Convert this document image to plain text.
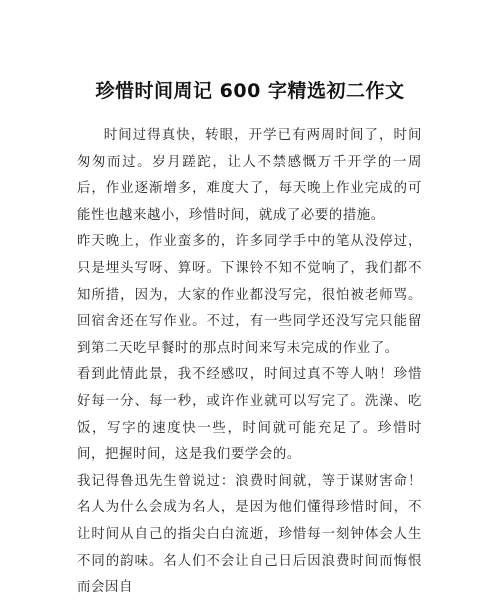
珍惜时间周记 600 字精选初二作文

时间过得真快，转眼，开学已有两周时间了，时间匆匆而过。岁月蹉跎，让人不禁感慨万千开学的一周后，作业逐渐增多，难度大了，每天晚上作业完成的可能性也越来越小，珍惜时间，就成了必要的措施。

昨天晚上，作业蛮多的，许多同学手中的笔从没停过，只是埋头写呀、算呀。下课铃不知不觉响了，我们都不知所措，因为，大家的作业都没写完，很怕被老师骂。回宿舍还在写作业。不过，有一些同学还没写完只能留到第二天吃早餐时的那点时间来写未完成的作业了。

看到此情此景，我不经感叹，时间过真不等人呐！珍惜好每一分、每一秒，或许作业就可以写完了。洗澡、吃饭，写字的速度快一些，时间就可能充足了。珍惜时间，把握时间，这是我们要学会的。

我记得鲁迅先生曾说过：浪费时间就，等于谋财害命！名人为什么会成为名人，是因为他们懂得珍惜时间，不让时间从自己的指尖白白流逝，珍惜每一刻钟体会人生不同的韵味。名人们不会让自己日后因浪费时间而悔恨而会因自
